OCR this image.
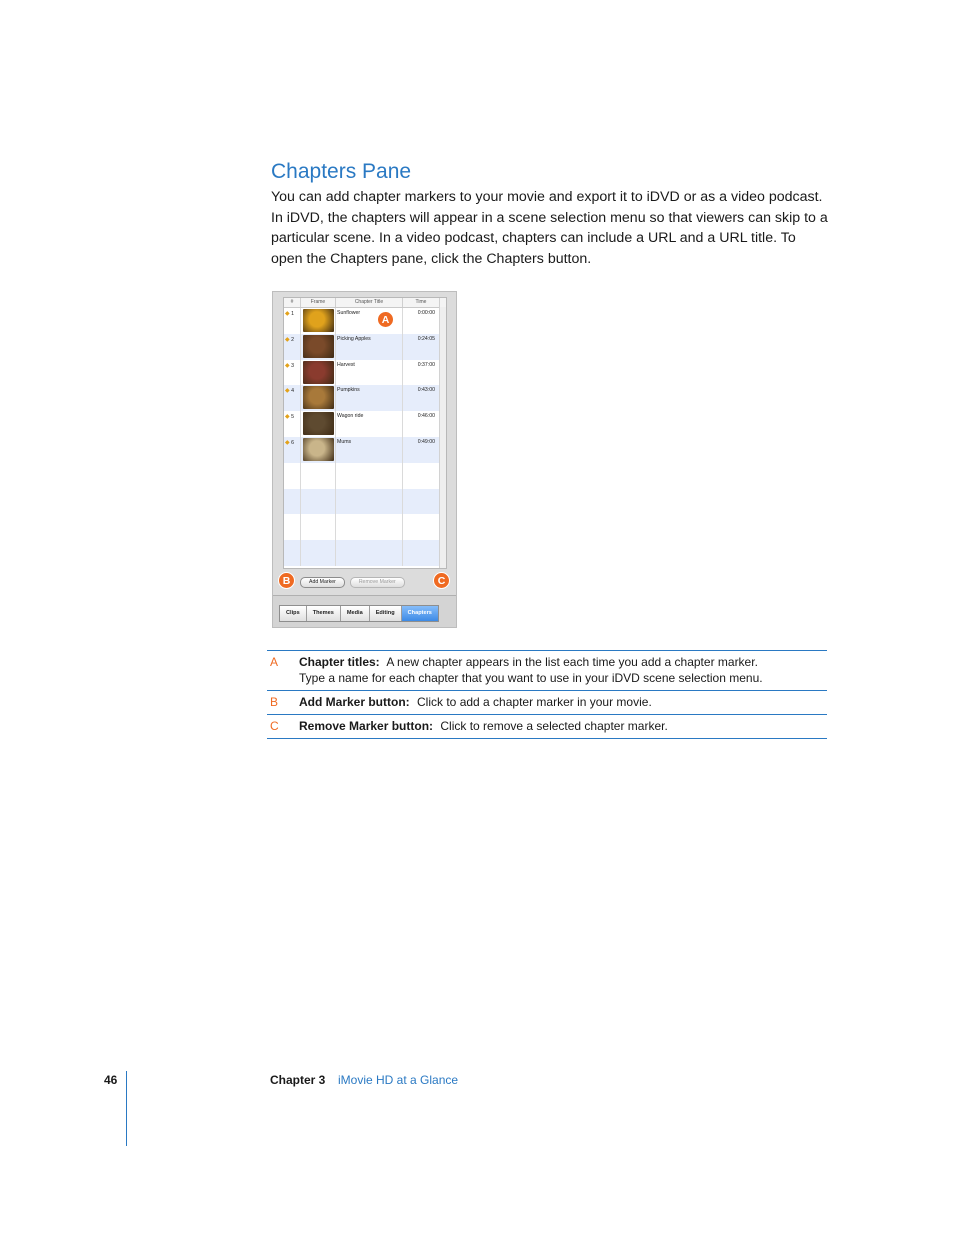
Chapters Pane

You can add chapter markers to your movie and export it to iDVD or as a video podcast. In iDVD, the chapters will appear in a scene selection menu so that viewers can skip to a particular scene. In a video podcast, chapters can include a URL and a URL title. To open the Chapters pane, click the Chapters button.

#	Frame	Chapter Title	Time
◆ 1	Sunflower	0:00:00
◆ 2	Picking Apples	0:24:05
◆ 3	Harvest	0:37:00
◆ 4	Pumpkins	0:43:00
◆ 5	Wagon ride	0:46:00
◆ 6	Mums	0:49:00
A
Add Marker	Remove Marker
B	C
Clips	Themes	Media	Editing	Chapters
A	Chapter titles: A new chapter appears in the list each time you add a chapter marker.
Type a name for each chapter that you want to use in your iDVD scene selection menu.
B	Add Marker button: Click to add a chapter marker in your movie.
C	Remove Marker button: Click to remove a selected chapter marker.
46	Chapter 3 iMovie HD at a Glance
